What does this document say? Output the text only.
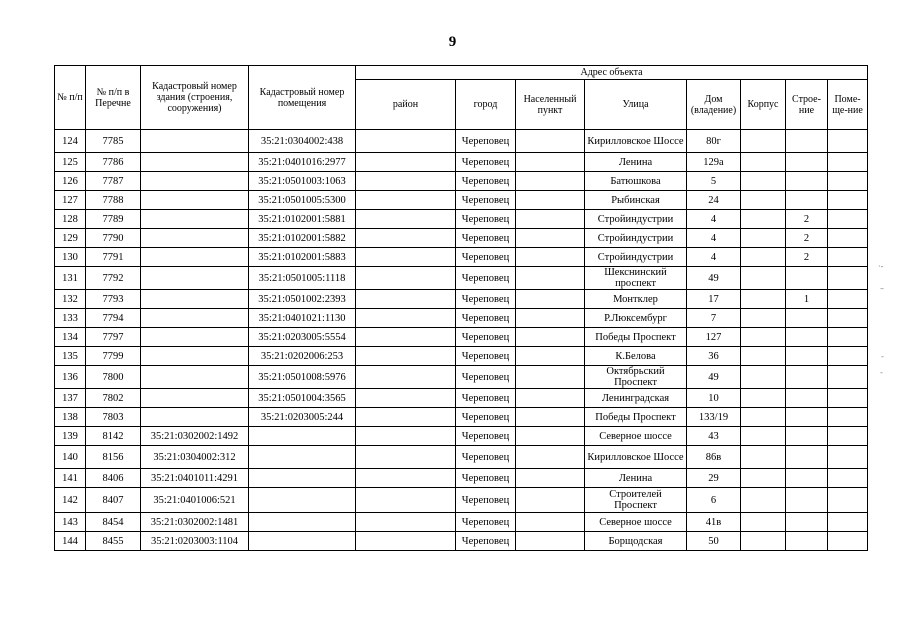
9
№ п/п	№ п/п в Перечне	Кадастровый номер здания (строения, сооружения)	Кадастровый номер помещения	Адрес объекта							
				район	город	Населенный пункт	Улица	Дом (владение)	Корпус	Строе-ние	Поме-ще-ние
124	7785		35:21:0304002:438		Череповец		Кирилловское Шоссе	80г			
125	7786		35:21:0401016:2977		Череповец		Ленина	129а			
126	7787		35:21:0501003:1063		Череповец		Батюшкова	5			
127	7788		35:21:0501005:5300		Череповец		Рыбинская	24			
128	7789		35:21:0102001:5881		Череповец		Стройиндустрии	4		2	
129	7790		35:21:0102001:5882		Череповец		Стройиндустрии	4		2	
130	7791		35:21:0102001:5883		Череповец		Стройиндустрии	4		2	
131	7792		35:21:0501005:1118		Череповец		Шекснинский проспект	49			
132	7793		35:21:0501002:2393		Череповец		Монтклер	17		1	
133	7794		35:21:0401021:1130		Череповец		Р.Люксембург	7			
134	7797		35:21:0203005:5554		Череповец		Победы Проспект	127			
135	7799		35:21:0202006:253		Череповец		К.Белова	36			
136	7800		35:21:0501008:5976		Череповец		Октябрьский Проспект	49			
137	7802		35:21:0501004:3565		Череповец		Ленинградская	10			
138	7803		35:21:0203005:244		Череповец		Победы Проспект	133/19			
139	8142	35:21:0302002:1492			Череповец		Северное шоссе	43			
140	8156	35:21:0304002:312			Череповец		Кирилловское Шоссе	86в			
141	8406	35:21:0401011:4291			Череповец		Ленина	29			
142	8407	35:21:0401006:521			Череповец		Строителей Проспект	6			
143	8454	35:21:0302002:1481			Череповец		Северное шоссе	41в			
144	8455	35:21:0203003:1104			Череповец		Борщодская	50			
·-
–
-
-
